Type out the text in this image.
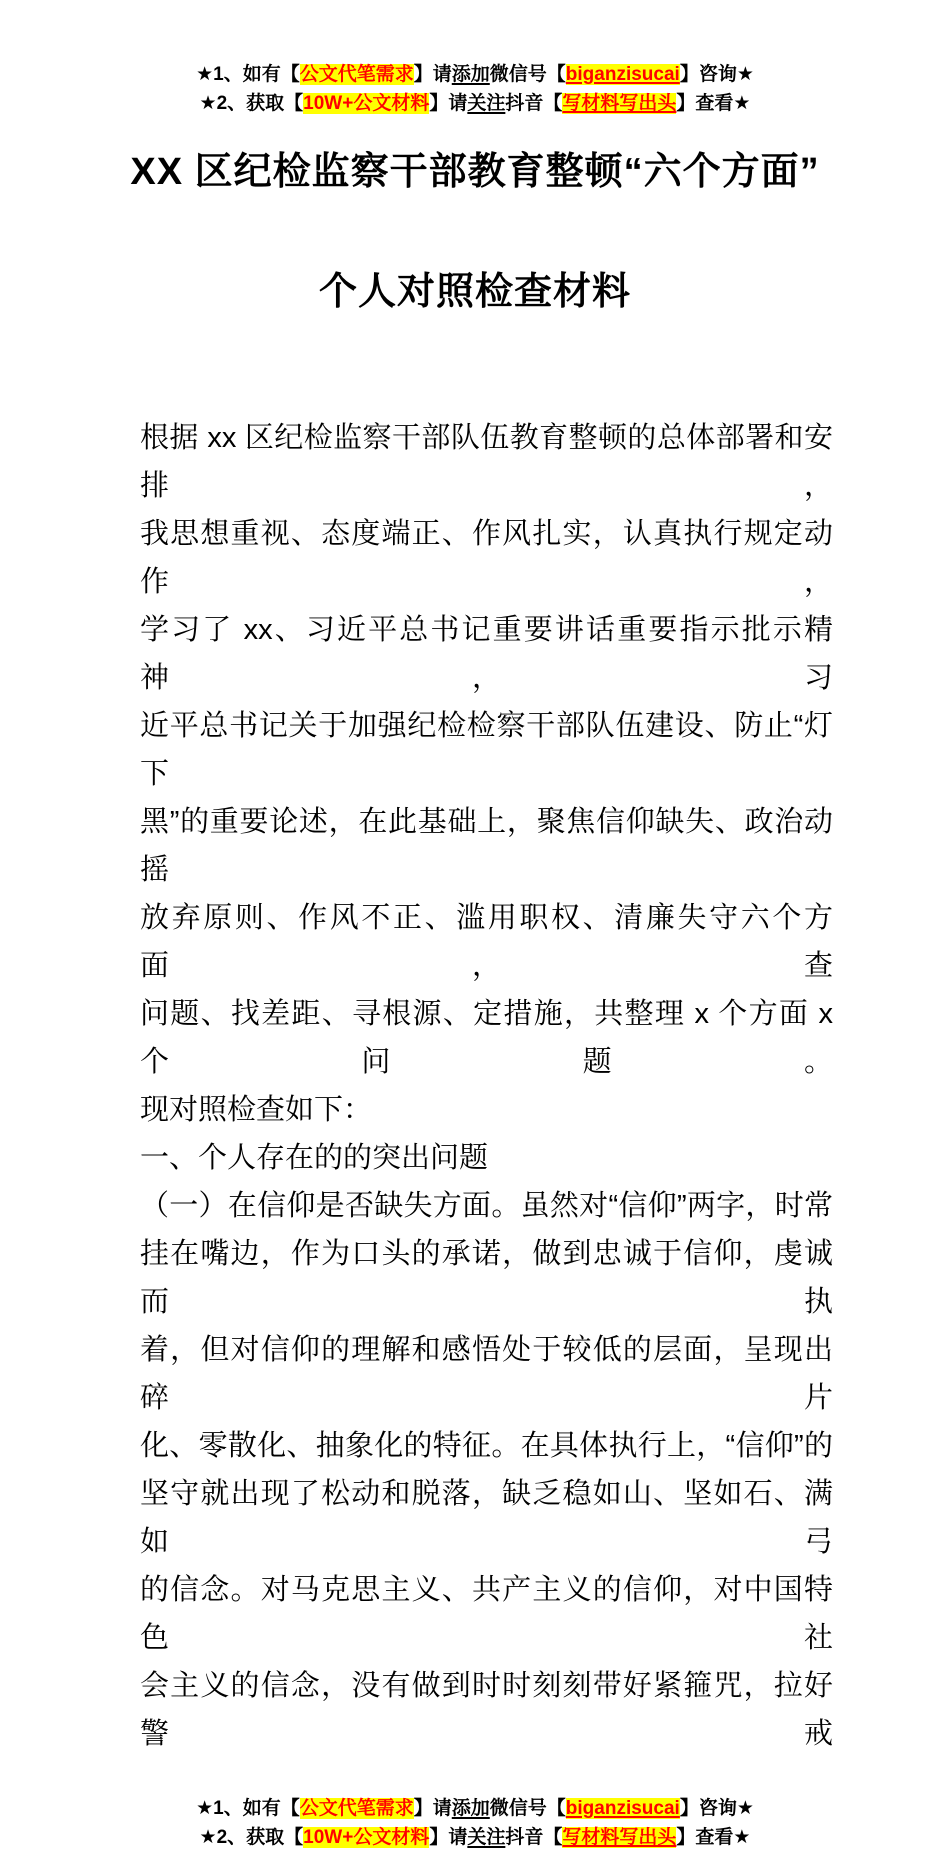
★1、如有【公文代笔需求】请添加微信号【biganzisucai】咨询★
★2、获取【10W+公文材料】请关注抖音【写材料写出头】查看★
XX 区纪检监察干部教育整顿“六个方面”
个人对照检查材料
根据 xx 区纪检监察干部队伍教育整顿的总体部署和安排，
我思想重视、态度端正、作风扎实，认真执行规定动作，
学习了 xx、习近平总书记重要讲话重要指示批示精神，习
近平总书记关于加强纪检检察干部队伍建设、防止“灯下
黑”的重要论述，在此基础上，聚焦信仰缺失、政治动摇
放弃原则、作风不正、滥用职权、清廉失守六个方面，查
问题、找差距、寻根源、定措施，共整理 x 个方面 x 个问题。
现对照检查如下：
一、个人存在的的突出问题
（一）在信仰是否缺失方面。虽然对“信仰”两字，时常
挂在嘴边，作为口头的承诺，做到忠诚于信仰，虔诚而执
着，但对信仰的理解和感悟处于较低的层面，呈现出碎片
化、零散化、抽象化的特征。在具体执行上，“信仰”的
坚守就出现了松动和脱落，缺乏稳如山、坚如石、满如弓
的信念。对马克思主义、共产主义的信仰，对中国特色社
会主义的信念，没有做到时时刻刻带好紧箍咒，拉好警戒
★1、如有【公文代笔需求】请添加微信号【biganzisucai】咨询★
★2、获取【10W+公文材料】请关注抖音【写材料写出头】查看★
